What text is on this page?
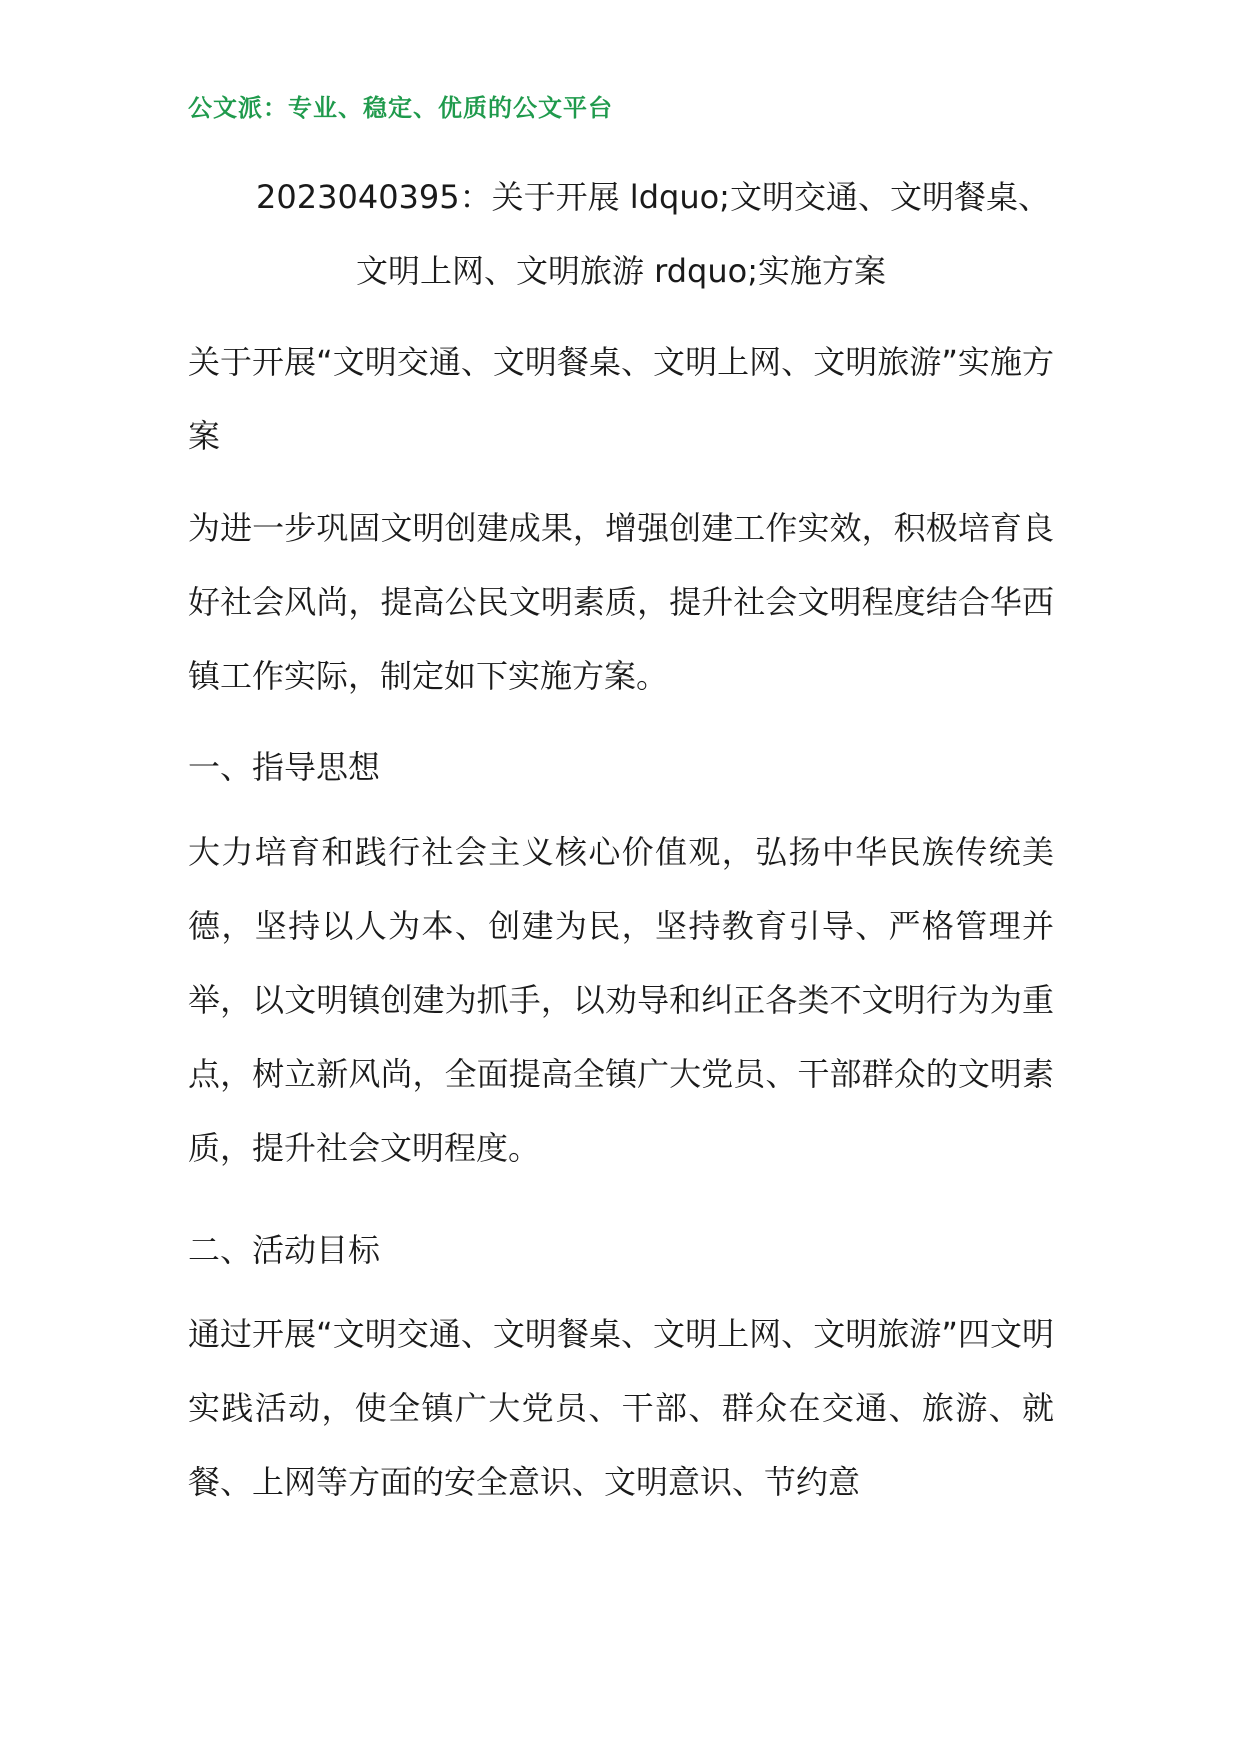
公文派：专业、稳定、优质的公文平台
2023040395：关于开展 ldquo;文明交通、文明餐桌、文明上网、文明旅游 rdquo;实施方案

关于开展“文明交通、文明餐桌、文明上网、文明旅游”实施方案

为进一步巩固文明创建成果，增强创建工作实效，积极培育良好社会风尚，提高公民文明素质，提升社会文明程度结合华西镇工作实际，制定如下实施方案。

一、指导思想

大力培育和践行社会主义核心价值观，弘扬中华民族传统美德，坚持以人为本、创建为民，坚持教育引导、严格管理并举，以文明镇创建为抓手，以劝导和纠正各类不文明行为为重点，树立新风尚，全面提高全镇广大党员、干部群众的文明素质，提升社会文明程度。

二、活动目标

通过开展“文明交通、文明餐桌、文明上网、文明旅游”四文明实践活动，使全镇广大党员、干部、群众在交通、旅游、就餐、上网等方面的安全意识、文明意识、节约意
